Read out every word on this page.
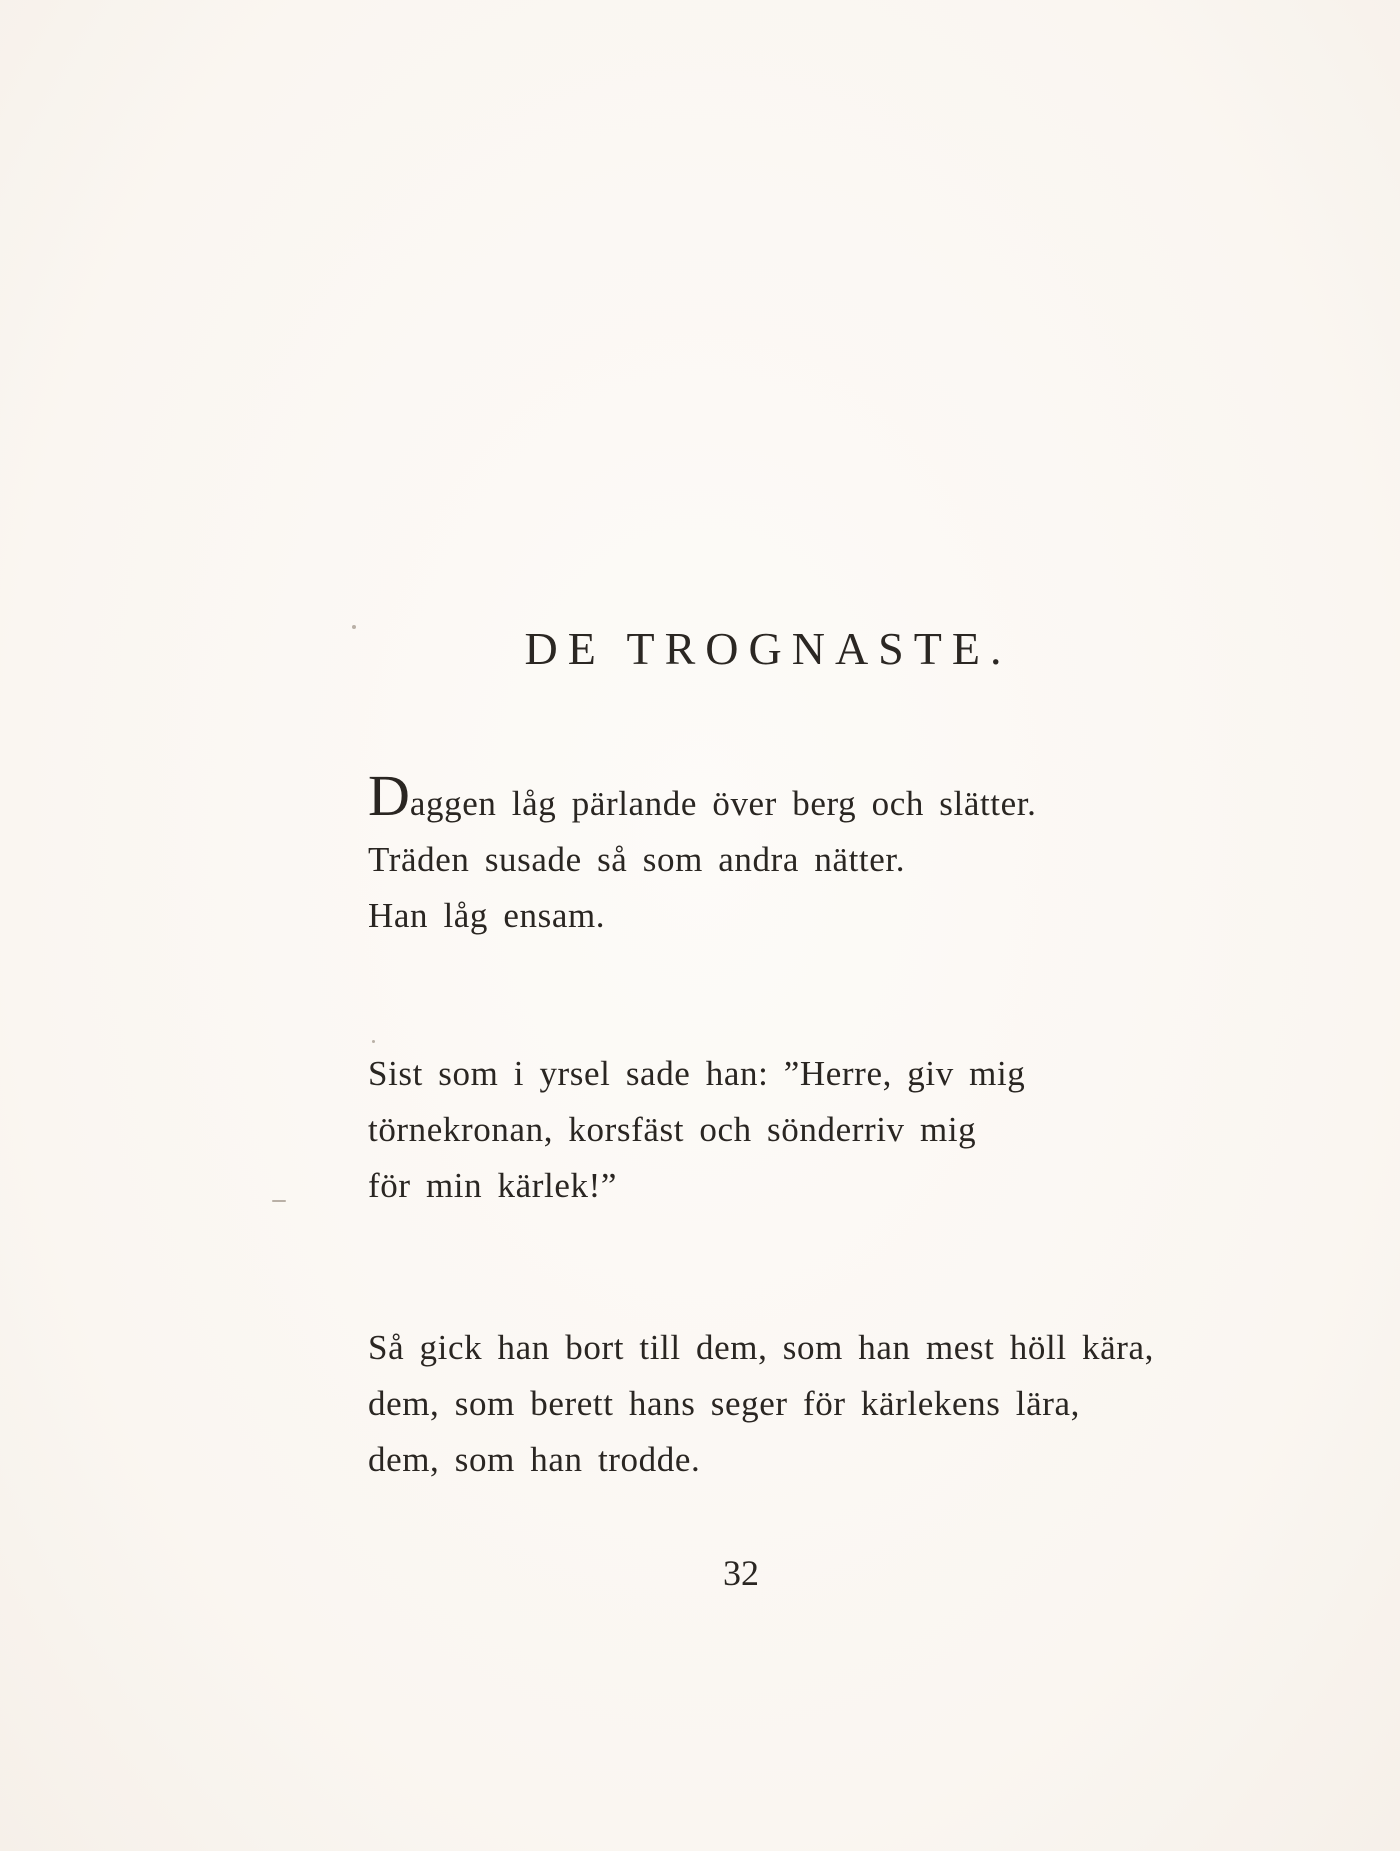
DE TROGNASTE.
Daggen låg pärlande över berg och slätter.
Träden susade så som andra nätter.
Han låg ensam.
Sist som i yrsel sade han: ”Herre, giv mig
törnekronan, korsfäst och sönderriv mig
för min kärlek!”
Så gick han bort till dem, som han mest höll kära,
dem, som berett hans seger för kärlekens lära,
dem, som han trodde.
32
